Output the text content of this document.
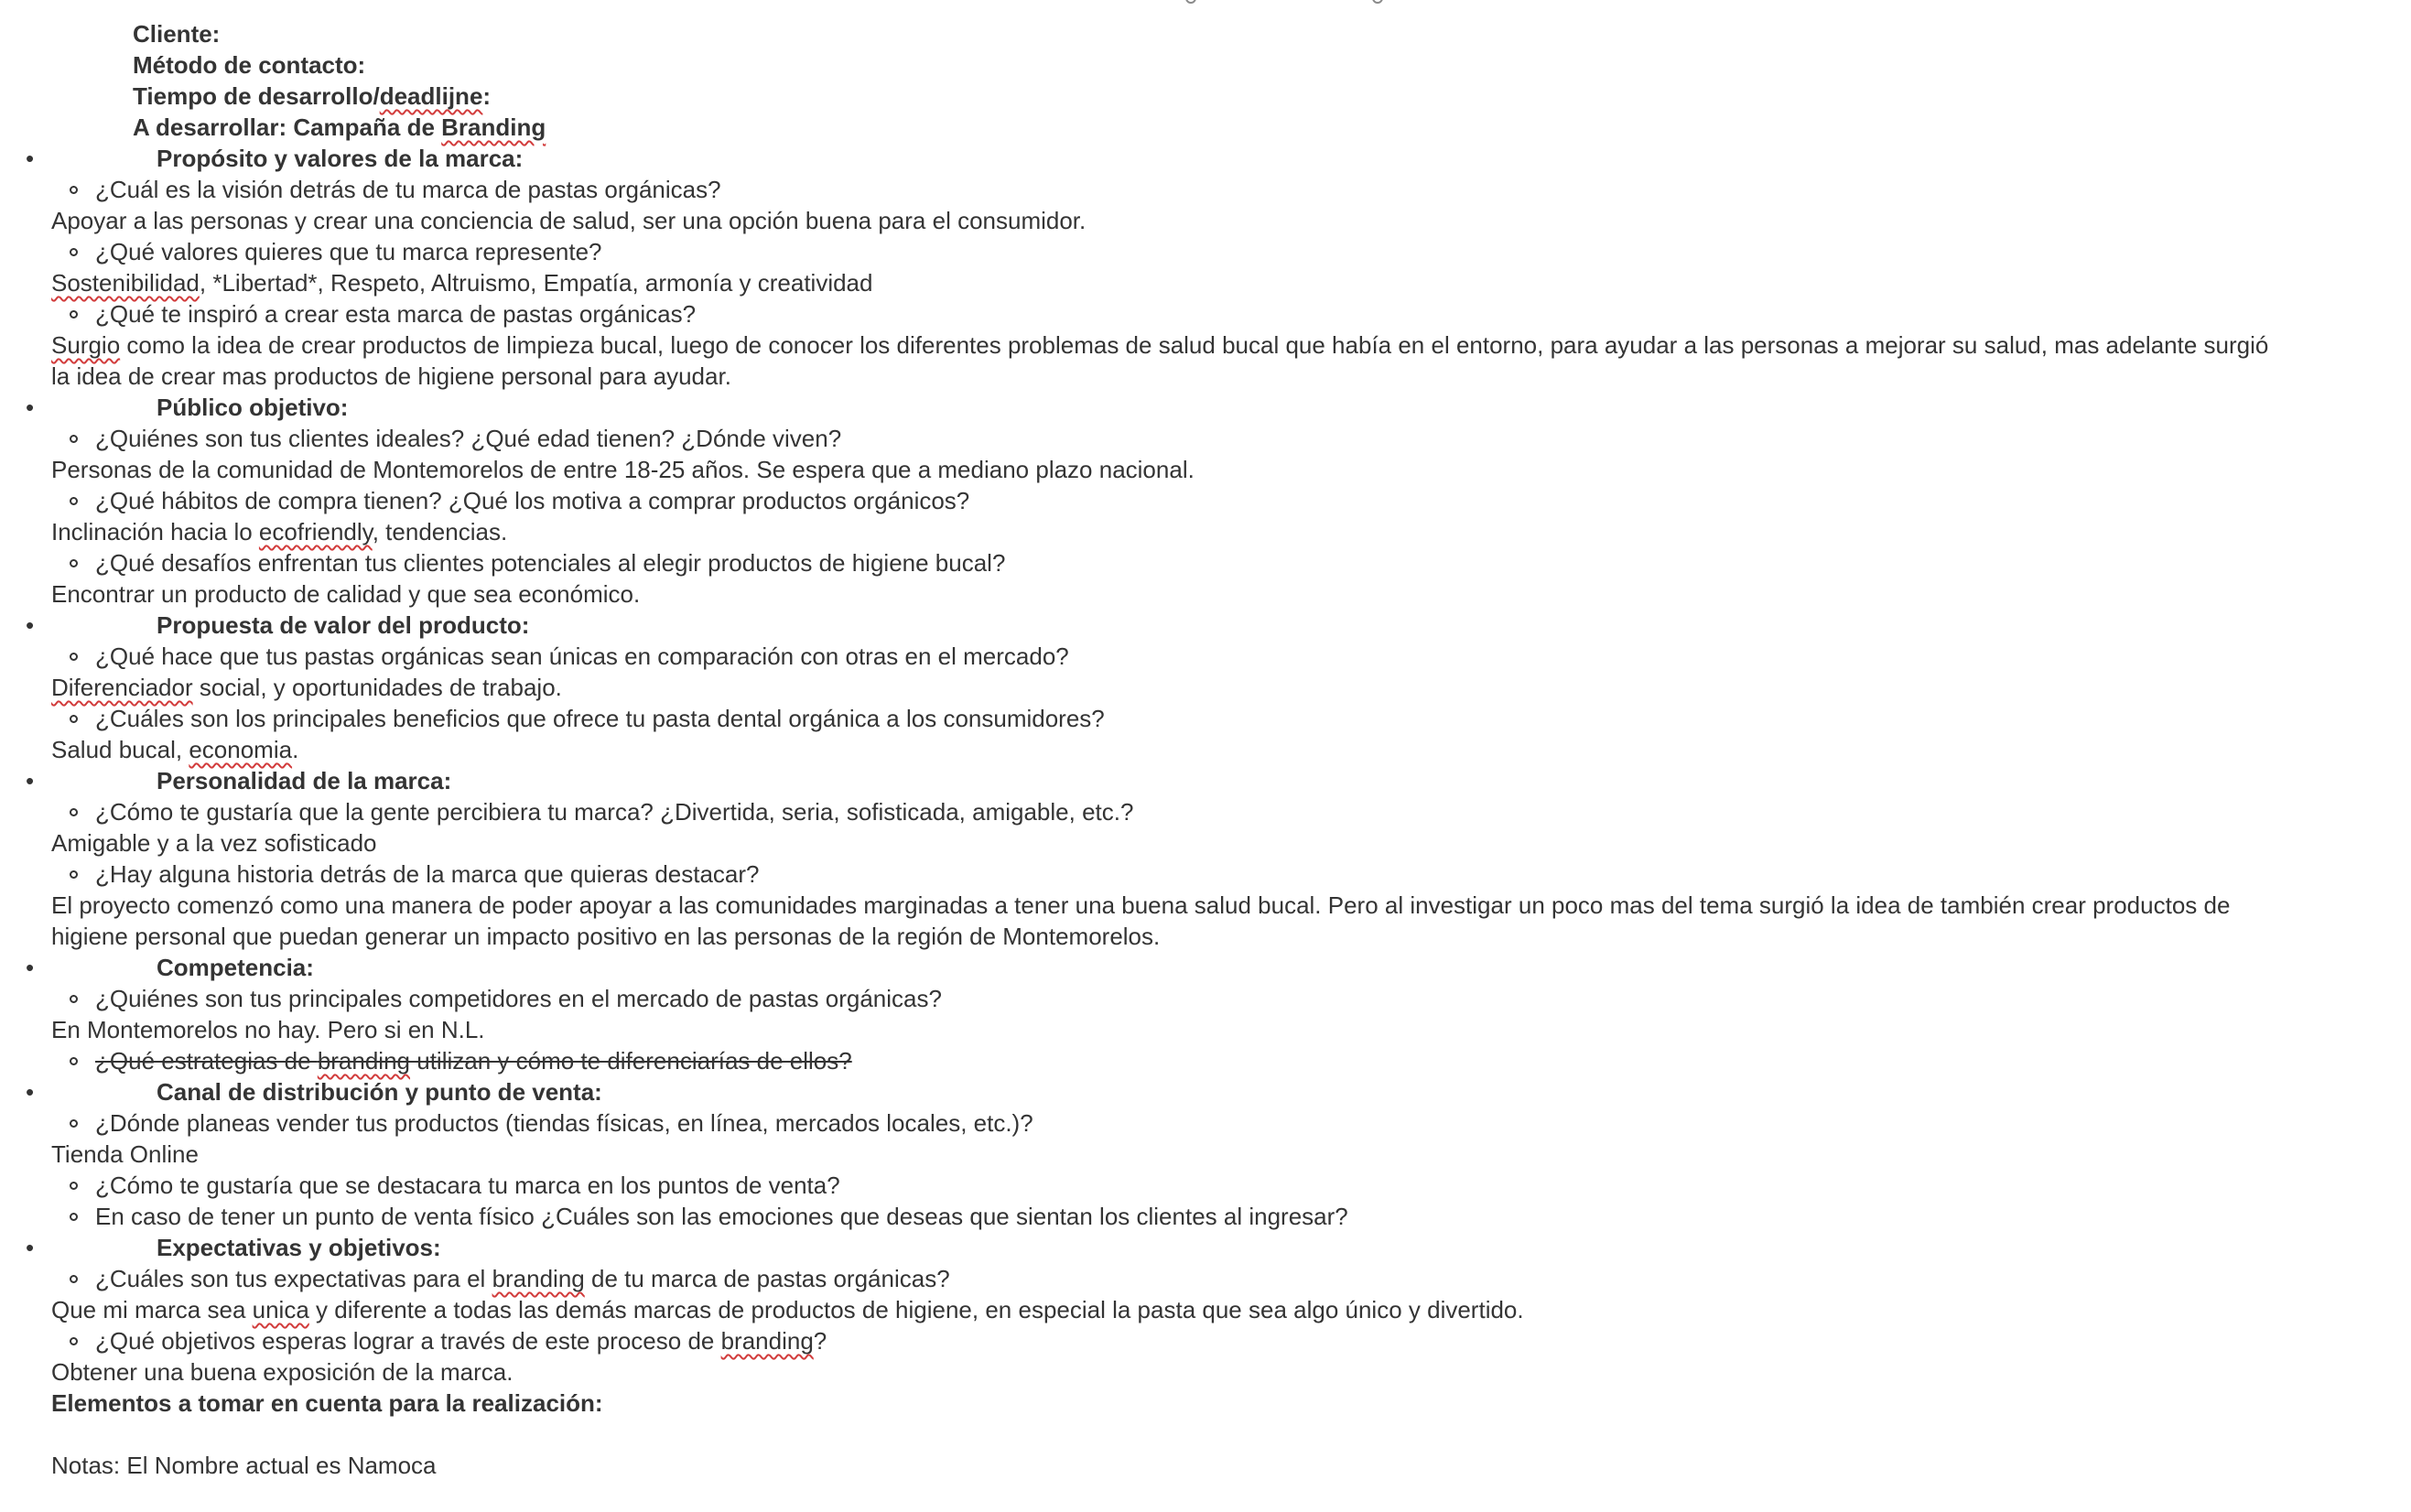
Cliente:
Método de contacto:
Tiempo de desarrollo/deadlijne:
A desarrollar: Campaña de Branding
•	Propósito y valores de la marca:
¿Cuál es la visión detrás de tu marca de pastas orgánicas?
Apoyar a las personas y crear una conciencia de salud, ser una opción buena para el consumidor.
¿Qué valores quieres que tu marca represente?
Sostenibilidad, *Libertad*, Respeto, Altruismo, Empatía, armonía y creatividad
¿Qué te inspiró a crear esta marca de pastas orgánicas?
Surgio como la idea de crear productos de limpieza bucal, luego de conocer los diferentes problemas de salud bucal que había en el entorno, para ayudar a las personas a mejorar su salud, mas adelante surgió
la idea de crear mas productos de higiene personal para ayudar.
•	Público objetivo:
¿Quiénes son tus clientes ideales? ¿Qué edad tienen? ¿Dónde viven?
Personas de la comunidad de Montemorelos de entre 18-25 años. Se espera que a mediano plazo nacional.
¿Qué hábitos de compra tienen? ¿Qué los motiva a comprar productos orgánicos?
Inclinación hacia lo ecofriendly, tendencias.
¿Qué desafíos enfrentan tus clientes potenciales al elegir productos de higiene bucal?
Encontrar un producto de calidad y que sea económico.
•	Propuesta de valor del producto:
¿Qué hace que tus pastas orgánicas sean únicas en comparación con otras en el mercado?
Diferenciador social, y oportunidades de trabajo.
¿Cuáles son los principales beneficios que ofrece tu pasta dental orgánica a los consumidores?
Salud bucal, economia.
•	Personalidad de la marca:
¿Cómo te gustaría que la gente percibiera tu marca? ¿Divertida, seria, sofisticada, amigable, etc.?
Amigable y a la vez sofisticado
¿Hay alguna historia detrás de la marca que quieras destacar?
El proyecto comenzó como una manera de poder apoyar a las comunidades marginadas a tener una buena salud bucal. Pero al investigar un poco mas del tema surgió la idea de también crear productos de
higiene personal que puedan generar un impacto positivo en las personas de la región de Montemorelos.
•	Competencia:
¿Quiénes son tus principales competidores en el mercado de pastas orgánicas?
En Montemorelos no hay. Pero si en N.L.
¿Qué estrategias de branding utilizan y cómo te diferenciarías de ellos?
•	Canal de distribución y punto de venta:
¿Dónde planeas vender tus productos (tiendas físicas, en línea, mercados locales, etc.)?
Tienda Online
¿Cómo te gustaría que se destacara tu marca en los puntos de venta?
En caso de tener un punto de venta físico ¿Cuáles son las emociones que deseas que sientan los clientes al ingresar?
•	Expectativas y objetivos:
¿Cuáles son tus expectativas para el branding de tu marca de pastas orgánicas?
Que mi marca sea unica y diferente a todas las demás marcas de productos de higiene, en especial la pasta que sea algo único y divertido.
¿Qué objetivos esperas lograr a través de este proceso de branding?
Obtener una buena exposición de la marca.
Elementos a tomar en cuenta para la realización:
Notas: El Nombre actual es Namoca
